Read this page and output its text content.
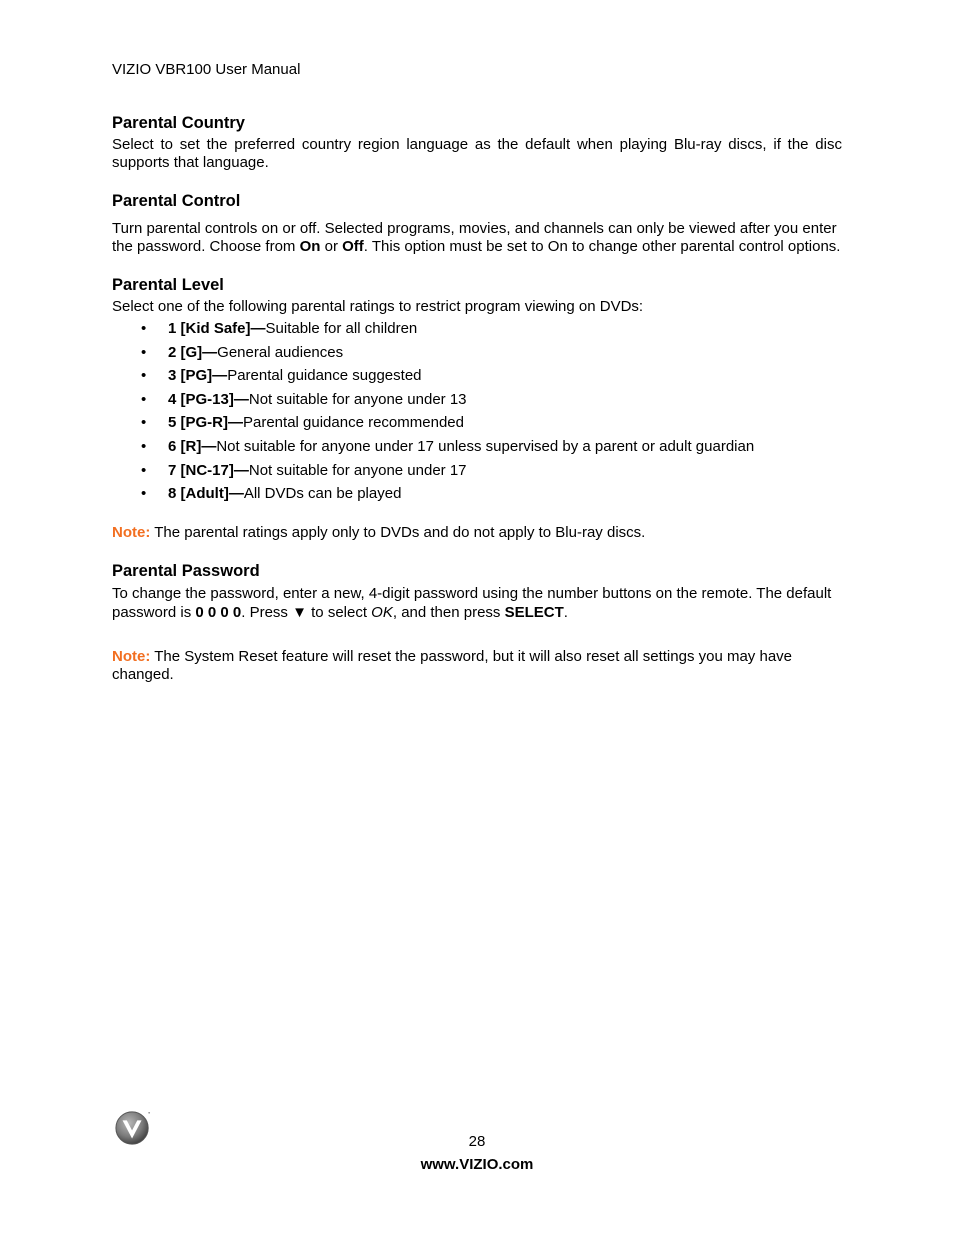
VIZIO VBR100 User Manual
Parental Country

Select to set the preferred country region language as the default when playing Blu-ray discs, if the disc supports that language.

Parental Control

Turn parental controls on or off. Selected programs, movies, and channels can only be viewed after you enter the password. Choose from On or Off. This option must be set to On to change other parental control options.

Parental Level

Select one of the following parental ratings to restrict program viewing on DVDs:

• 1 [Kid Safe]—Suitable for all children
• 2 [G]—General audiences
• 3 [PG]—Parental guidance suggested
• 4 [PG-13]—Not suitable for anyone under 13
• 5 [PG-R]—Parental guidance recommended
• 6 [R]—Not suitable for anyone under 17 unless supervised by a parent or adult guardian
• 7 [NC-17]—Not suitable for anyone under 17
• 8 [Adult]—All DVDs can be played

Note: The parental ratings apply only to DVDs and do not apply to Blu-ray discs.

Parental Password

To change the password, enter a new, 4-digit password using the number buttons on the remote. The default password is 0 0 0 0. Press ▼ to select OK, and then press SELECT.

Note: The System Reset feature will reset the password, but it will also reset all settings you may have changed.

28
www.VIZIO.com
